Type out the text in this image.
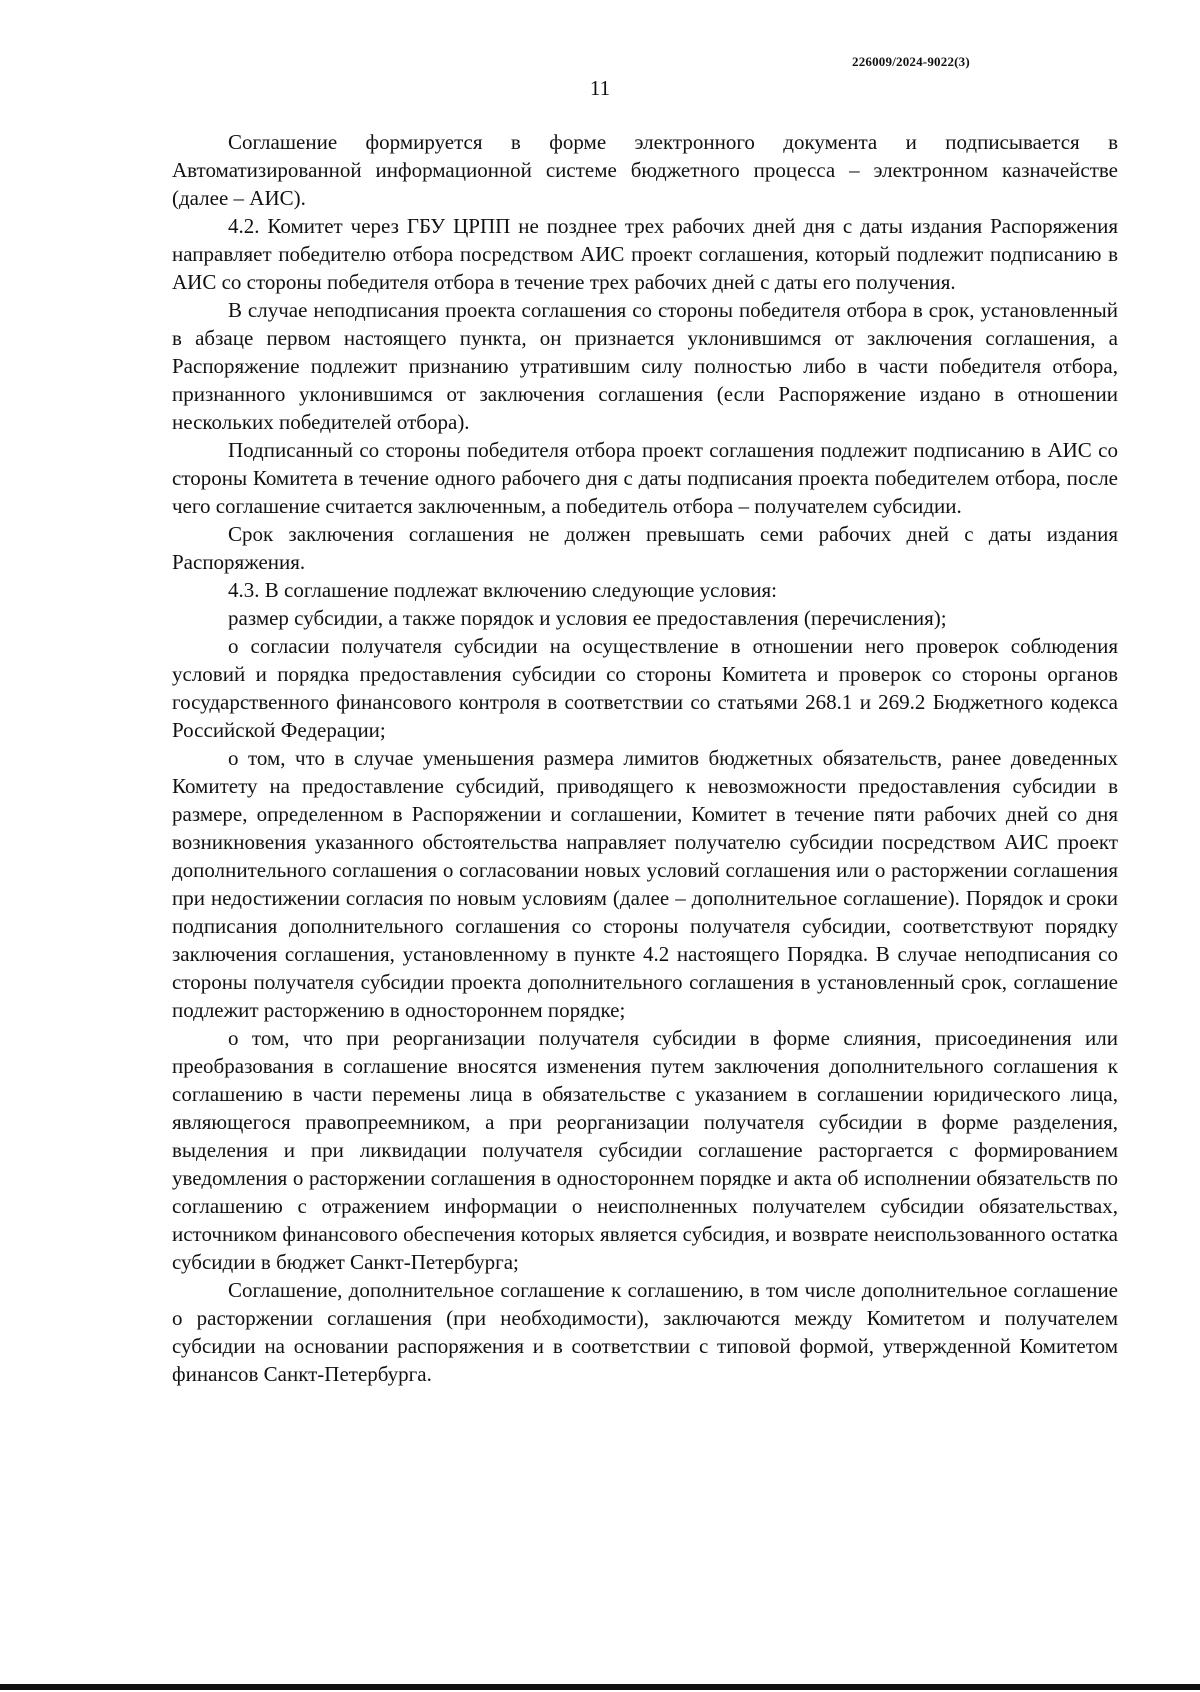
226009/2024-9022(3)
11

Соглашение формируется в форме электронного документа и подписывается в Автоматизированной информационной системе бюджетного процесса – электронном казначействе (далее – АИС).

4.2. Комитет через ГБУ ЦРПП не позднее трех рабочих дней дня с даты издания Распоряжения направляет победителю отбора посредством АИС проект соглашения, который подлежит подписанию в АИС со стороны победителя отбора в течение трех рабочих дней с даты его получения.

В случае неподписания проекта соглашения со стороны победителя отбора в срок, установленный в абзаце первом настоящего пункта, он признается уклонившимся от заключения соглашения, а Распоряжение подлежит признанию утратившим силу полностью либо в части победителя отбора, признанного уклонившимся от заключения соглашения (если Распоряжение издано в отношении нескольких победителей отбора).

Подписанный со стороны победителя отбора проект соглашения подлежит подписанию в АИС со стороны Комитета в течение одного рабочего дня с даты подписания проекта победителем отбора, после чего соглашение считается заключенным, а победитель отбора – получателем субсидии.

Срок заключения соглашения не должен превышать семи рабочих дней с даты издания Распоряжения.

4.3. В соглашение подлежат включению следующие условия:

размер субсидии, а также порядок и условия ее предоставления (перечисления);

о согласии получателя субсидии на осуществление в отношении него проверок соблюдения условий и порядка предоставления субсидии со стороны Комитета и проверок со стороны органов государственного финансового контроля в соответствии со статьями 268.1 и 269.2 Бюджетного кодекса Российской Федерации;

о том, что в случае уменьшения размера лимитов бюджетных обязательств, ранее доведенных Комитету на предоставление субсидий, приводящего к невозможности предоставления субсидии в размере, определенном в Распоряжении и соглашении, Комитет в течение пяти рабочих дней со дня возникновения указанного обстоятельства направляет получателю субсидии посредством АИС проект дополнительного соглашения о согласовании новых условий соглашения или о расторжении соглашения при недостижении согласия по новым условиям (далее – дополнительное соглашение). Порядок и сроки подписания дополнительного соглашения со стороны получателя субсидии, соответствуют порядку заключения соглашения, установленному в пункте 4.2 настоящего Порядка. В случае неподписания со стороны получателя субсидии проекта дополнительного соглашения в установленный срок, соглашение подлежит расторжению в одностороннем порядке;

о том, что при реорганизации получателя субсидии в форме слияния, присоединения или преобразования в соглашение вносятся изменения путем заключения дополнительного соглашения к соглашению в части перемены лица в обязательстве с указанием в соглашении юридического лица, являющегося правопреемником, а при реорганизации получателя субсидии в форме разделения, выделения и при ликвидации получателя субсидии соглашение расторгается с формированием уведомления о расторжении соглашения в одностороннем порядке и акта об исполнении обязательств по соглашению с отражением информации о неисполненных получателем субсидии обязательствах, источником финансового обеспечения которых является субсидия, и возврате неиспользованного остатка субсидии в бюджет Санкт-Петербурга;

Соглашение, дополнительное соглашение к соглашению, в том числе дополнительное соглашение о расторжении соглашения (при необходимости), заключаются между Комитетом и получателем субсидии на основании распоряжения и в соответствии с типовой формой, утвержденной Комитетом финансов Санкт-Петербурга.
